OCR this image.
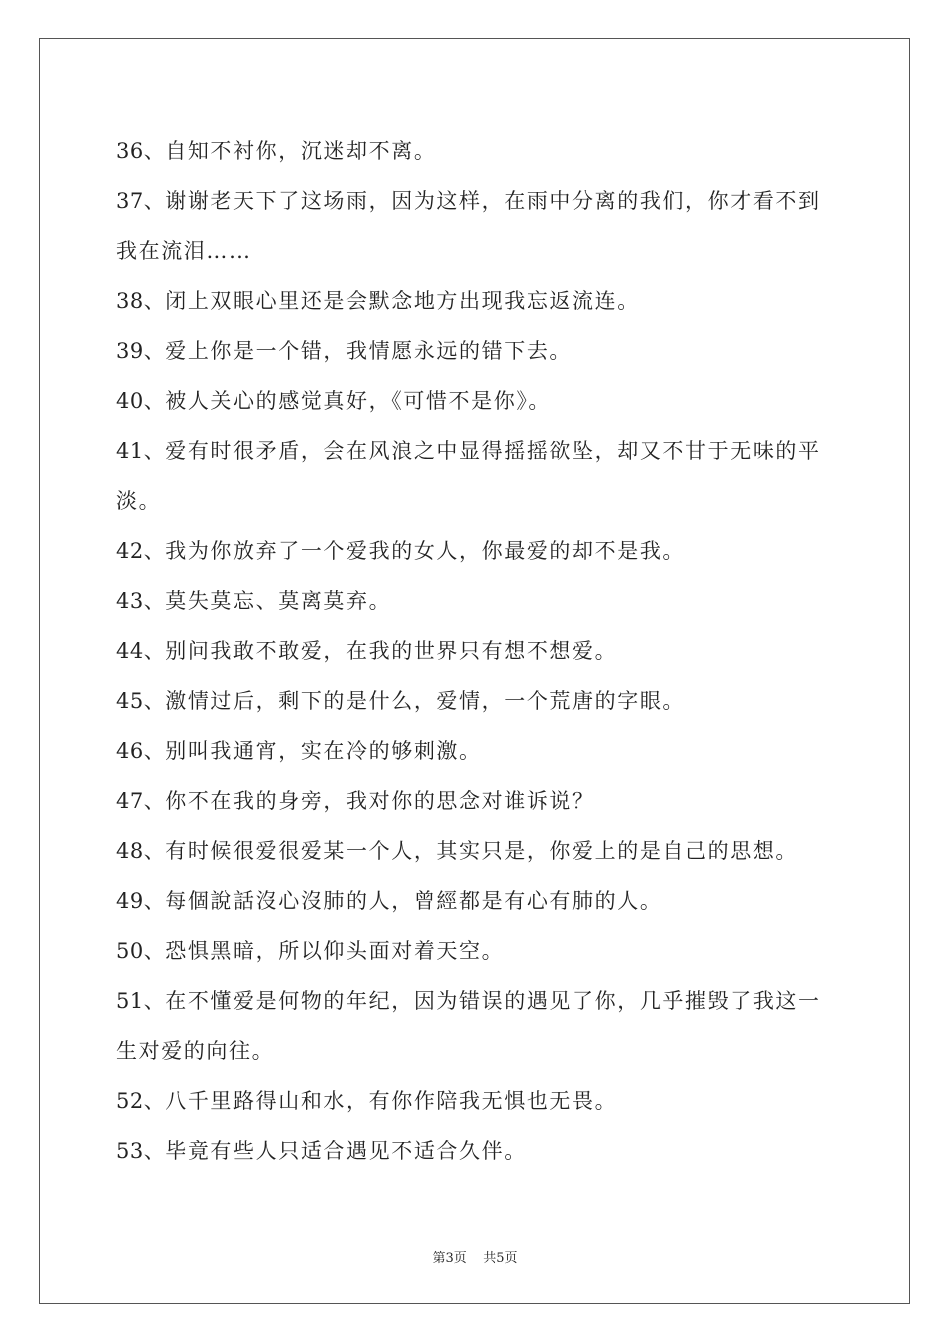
36、自知不衬你，沉迷却不离。

37、谢谢老天下了这场雨，因为这样，在雨中分离的我们，你才看不到我在流泪……

38、闭上双眼心里还是会默念地方出现我忘返流连。

39、爱上你是一个错，我情愿永远的错下去。

40、被人关心的感觉真好，《可惜不是你》。

41、爱有时很矛盾，会在风浪之中显得摇摇欲坠，却又不甘于无味的平淡。

42、我为你放弃了一个爱我的女人，你最爱的却不是我。

43、莫失莫忘、莫离莫弃。

44、别问我敢不敢爱，在我的世界只有想不想爱。

45、激情过后，剩下的是什么，爱情，一个荒唐的字眼。

46、别叫我通宵，实在冷的够刺激。

47、你不在我的身旁，我对你的思念对谁诉说？

48、有时候很爱很爱某一个人，其实只是，你爱上的是自己的思想。

49、每個說話沒心沒肺的人，曾經都是有心有肺的人。

50、恐惧黑暗，所以仰头面对着天空。

51、在不懂爱是何物的年纪，因为错误的遇见了你，几乎摧毁了我这一生对爱的向往。

52、八千里路得山和水，有你作陪我无惧也无畏。

53、毕竟有些人只适合遇见不适合久伴。

第3页 共5页
